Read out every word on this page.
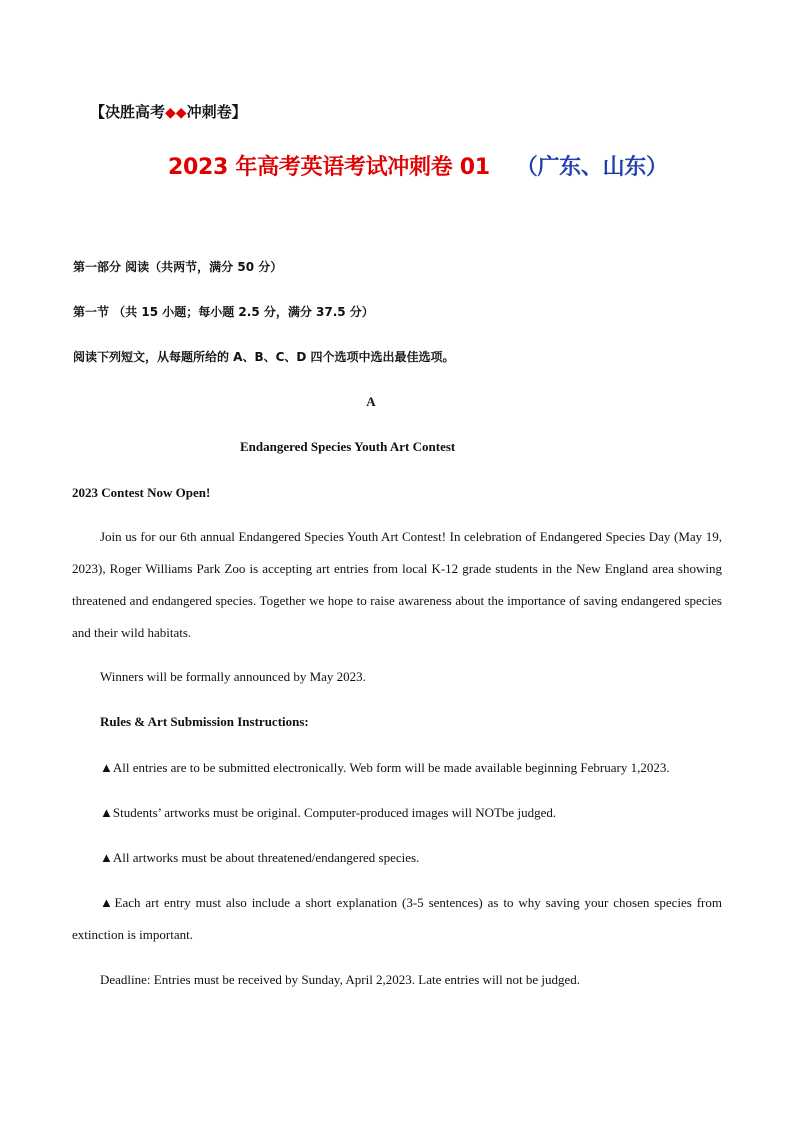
【决胜高考◆◆冲刺卷】
2023 年高考英语考试冲刺卷 01 （广东、山东）
第一部分 阅读（共两节，满分 50 分）
第一节 （共 15 小题；每小题 2.5 分，满分 37.5 分）
阅读下列短文，从每题所给的 A、B、C、D 四个选项中选出最佳选项。
A
Endangered Species Youth Art Contest
2023 Contest Now Open!
Join us for our 6th annual Endangered Species Youth Art Contest! In celebration of Endangered Species Day (May 19, 2023), Roger Williams Park Zoo is accepting art entries from local K-12 grade students in the New England area showing threatened and endangered species. Together we hope to raise awareness about the importance of saving endangered species and their wild habitats.
Winners will be formally announced by May 2023.
Rules & Art Submission Instructions:
▲All entries are to be submitted electronically. Web form will be made available beginning February 1,2023.
▲Students’ artworks must be original. Computer-produced images will NOTbe judged.
▲All artworks must be about threatened/endangered species.
▲Each art entry must also include a short explanation (3-5 sentences) as to why saving your chosen species from extinction is important.
Deadline: Entries must be received by Sunday, April 2,2023. Late entries will not be judged.
